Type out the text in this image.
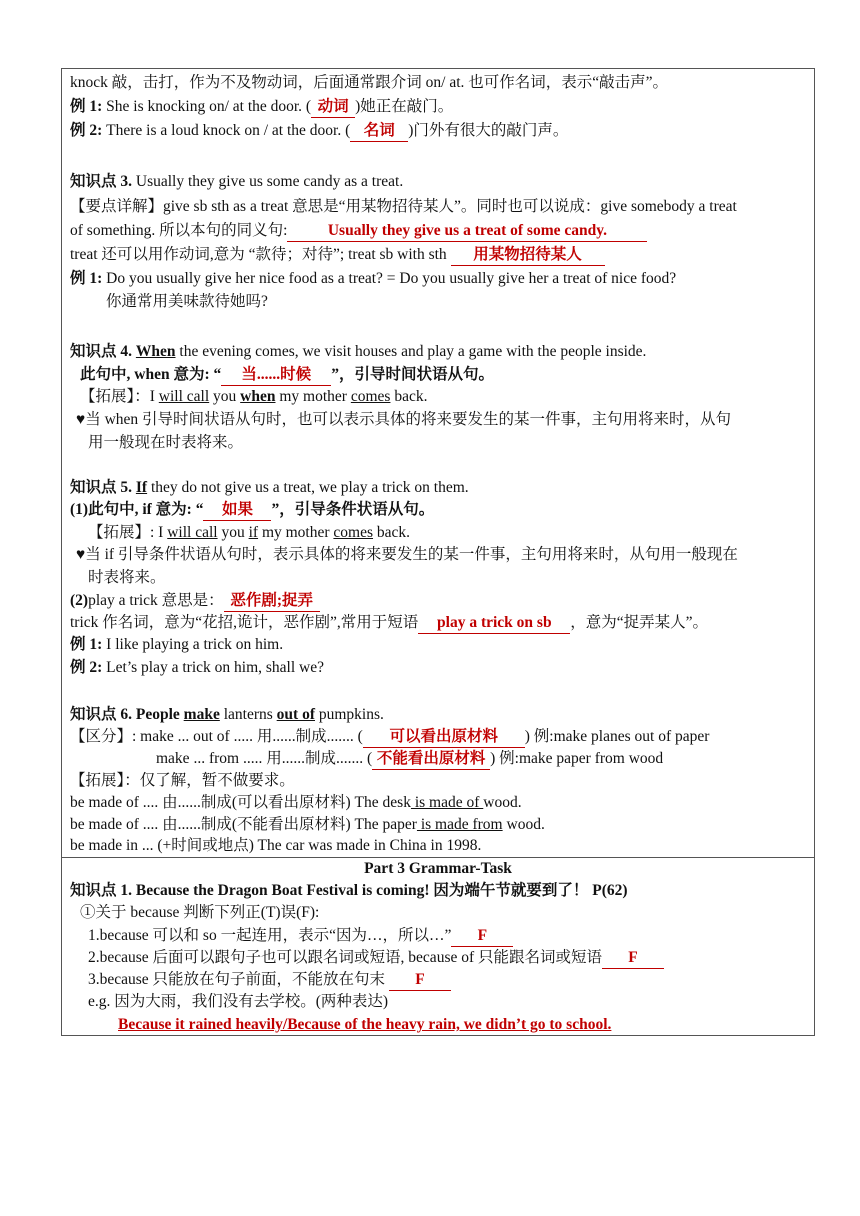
knock 敲，击打，作为不及物动词，后面通常跟介词 on/ at. 也可作名词，表示“敲击声”。
例 1: She is knocking on/ at the door. ( 动词 )她正在敲门。
例 2: There is a loud knock on / at the door. ( 名词 )门外有很大的敲门声。
知识点 3. Usually they give us some candy as a treat.
【要点详解】give sb sth as a treat 意思是“用某物招待某人”。同时也可以说成：give somebody a treat
of something. 所以本句的同义句:	Usually they give us a treat of some candy.
treat 还可以用作动词,意为 “款待；对待”; treat sb with sth 用某物招待某人
例 1: Do you usually give her nice food as a treat? = Do you usually give her a treat of nice food?
你通常用美味款待她吗?
知识点 4. When the evening comes, we visit houses and play a game with the people inside.
此句中, when 意为: “ 当......时候 ”，引导时间状语从句。
【拓展】：I will call you when my mother comes back.
♥当 when 引导时间状语从句时，也可以表示具体的将来要发生的某一件事，主句用将来时，从句
用一般现在时表将来。
知识点 5. If they do not give us a treat, we play a trick on them.
(1)此句中, if 意为: “ 如果 ”，引导条件状语从句。
【拓展】: I will call you if my mother comes back.
♥当 if 引导条件状语从句时，表示具体的将来要发生的某一件事，主句用将来时，从句用一般现在
时表将来。
(2)play a trick 意思是： 恶作剧;捉弄
trick 作名词，意为“花招,诡计，恶作剧”,常用于短语 play a trick on sb ，意为“捉弄某人”。
例 1: I like playing a trick on him.
例 2: Let’s play a trick on him, shall we?
知识点 6. People make lanterns out of pumpkins.
【区分】: make ... out of ..... 用......制成....... ( 可以看出原材料 ) 例:make planes out of paper
make ... from ..... 用......制成....... ( 不能看出原材料 ) 例:make paper from wood
【拓展】：仅了解，暂不做要求。
be made of .... 由......制成(可以看出原材料) The desk is made of wood.
be made of .... 由......制成(不能看出原材料) The paper is made from wood.
be made in ... (+时间或地点) The car was made in China in 1998.
Part 3 Grammar-Task
知识点 1. Because the Dragon Boat Festival is coming! 因为端午节就要到了！ P(62)
①关于 because 判断下列正(T)误(F):
1.because 可以和 so 一起连用，表示“因为…，所以…” F
2.because 后面可以跟句子也可以跟名词或短语, because of 只能跟名词或短语 F
3.because 只能放在句子前面，不能放在句末 F
e.g. 因为大雨，我们没有去学校。(两种表达)
Because it rained heavily/Because of the heavy rain, we didn’t go to school.
